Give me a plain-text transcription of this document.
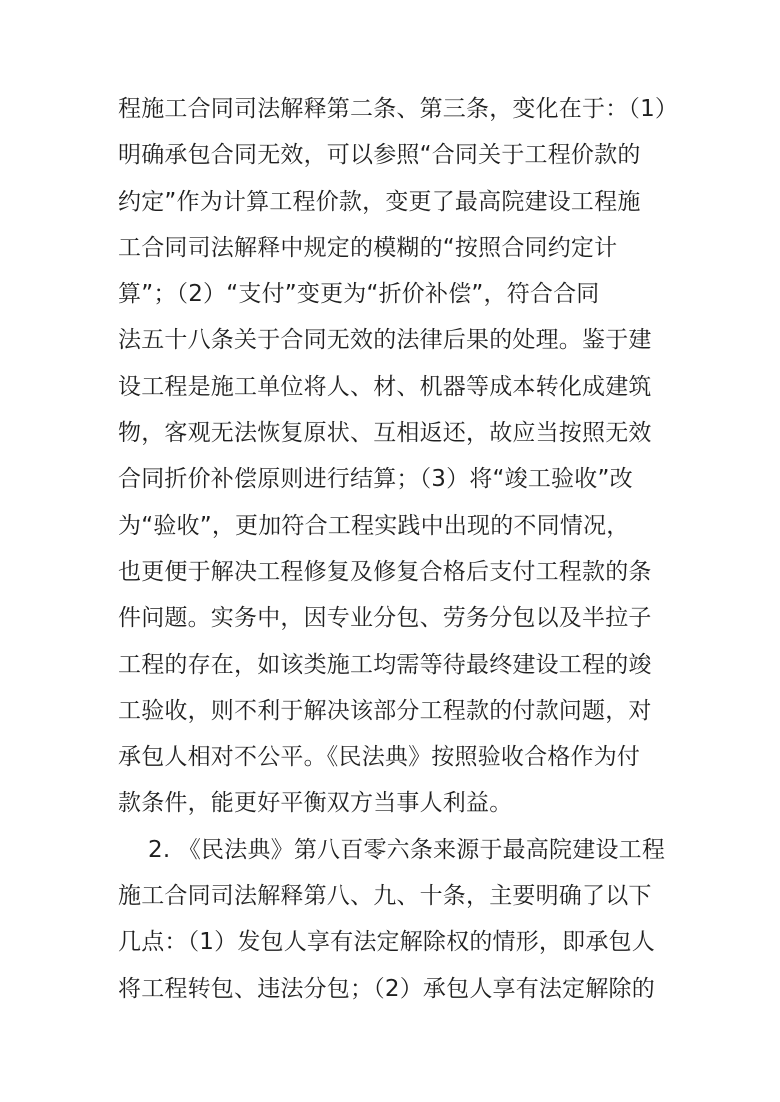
程施工合同司法解释第二条、第三条，变化在于：（1）
明确承包合同无效，可以参照“合同关于工程价款的
约定”作为计算工程价款，变更了最高院建设工程施
工合同司法解释中规定的模糊的“按照合同约定计
算”；（2）“支付”变更为“折价补偿”，符合合同
法五十八条关于合同无效的法律后果的处理。鉴于建
设工程是施工单位将人、材、机器等成本转化成建筑
物，客观无法恢复原状、互相返还，故应当按照无效
合同折价补偿原则进行结算；（3）将“竣工验收”改
为“验收”，更加符合工程实践中出现的不同情况，
也更便于解决工程修复及修复合格后支付工程款的条
件问题。实务中，因专业分包、劳务分包以及半拉子
工程的存在，如该类施工均需等待最终建设工程的竣
工验收，则不利于解决该部分工程款的付款问题，对
承包人相对不公平。《民法典》按照验收合格作为付
款条件，能更好平衡双方当事人利益。
2. 《民法典》第八百零六条来源于最高院建设工程
施工合同司法解释第八、九、十条，主要明确了以下
几点：（1）发包人享有法定解除权的情形，即承包人
将工程转包、违法分包；（2）承包人享有法定解除的
